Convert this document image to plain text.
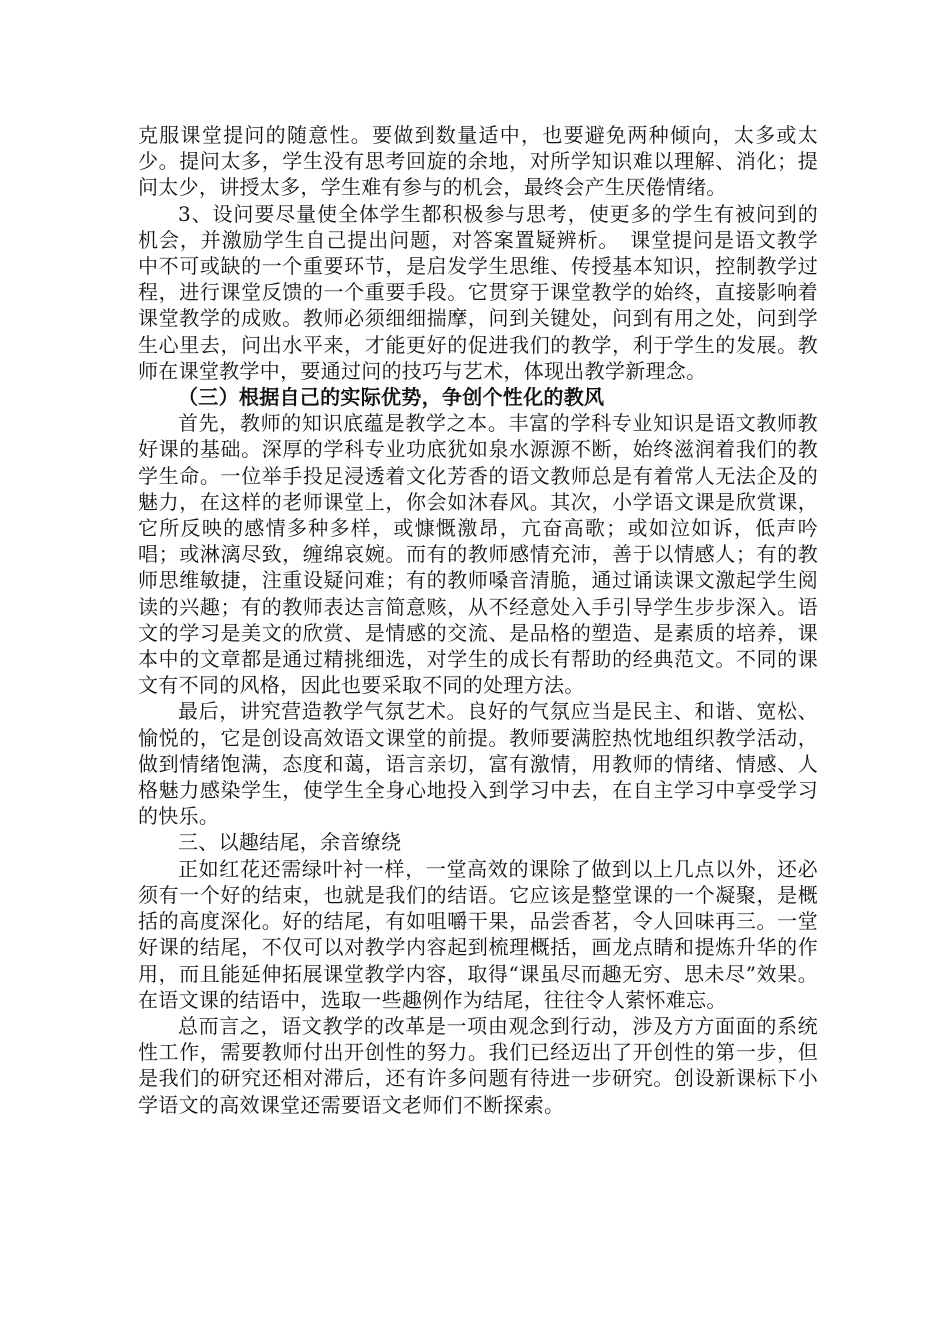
克服课堂提问的随意性。要做到数量适中，也要避免两种倾向，太多或太少。提问太多，学生没有思考回旋的余地，对所学知识难以理解、消化；提问太少，讲授太多，学生难有参与的机会，最终会产生厌倦情绪。

3、设问要尽量使全体学生都积极参与思考，使更多的学生有被问到的机会，并激励学生自己提出问题，对答案置疑辨析。　课堂提问是语文教学中不可或缺的一个重要环节，是启发学生思维、传授基本知识，控制教学过程，进行课堂反馈的一个重要手段。它贯穿于课堂教学的始终，直接影响着课堂教学的成败。教师必须细细揣摩，问到关键处，问到有用之处，问到学生心里去，问出水平来，才能更好的促进我们的教学，利于学生的发展。教师在课堂教学中，要通过问的技巧与艺术，体现出教学新理念。

（三）根据自己的实际优势，争创个性化的教风

首先，教师的知识底蕴是教学之本。丰富的学科专业知识是语文教师教好课的基础。深厚的学科专业功底犹如泉水源源不断，始终滋润着我们的教学生命。一位举手投足浸透着文化芳香的语文教师总是有着常人无法企及的魅力，在这样的老师课堂上，你会如沐春风。其次，小学语文课是欣赏课，它所反映的感情多种多样，或慷慨激昂，亢奋高歌；或如泣如诉，低声吟唱；或淋漓尽致，缠绵哀婉。而有的教师感情充沛，善于以情感人；有的教师思维敏捷，注重设疑问难；有的教师嗓音清脆，通过诵读课文激起学生阅读的兴趣；有的教师表达言简意赅，从不经意处入手引导学生步步深入。语文的学习是美文的欣赏、是情感的交流、是品格的塑造、是素质的培养，课本中的文章都是通过精挑细选，对学生的成长有帮助的经典范文。不同的课文有不同的风格，因此也要采取不同的处理方法。

最后，讲究营造教学气氛艺术。良好的气氛应当是民主、和谐、宽松、愉悦的，它是创设高效语文课堂的前提。教师要满腔热忱地组织教学活动，做到情绪饱满，态度和蔼，语言亲切，富有激情，用教师的情绪、情感、人格魅力感染学生，使学生全身心地投入到学习中去，在自主学习中享受学习的快乐。

三、以趣结尾，余音缭绕

正如红花还需绿叶衬一样，一堂高效的课除了做到以上几点以外，还必须有一个好的结束，也就是我们的结语。它应该是整堂课的一个凝聚，是概括的高度深化。好的结尾，有如咀嚼干果，品尝香茗，令人回味再三。一堂好课的结尾，不仅可以对教学内容起到梳理概括，画龙点睛和提炼升华的作用，而且能延伸拓展课堂教学内容，取得“课虽尽而趣无穷、思未尽”效果。在语文课的结语中，选取一些趣例作为结尾，往往令人萦怀难忘。

总而言之，语文教学的改革是一项由观念到行动，涉及方方面面的系统性工作，需要教师付出开创性的努力。我们已经迈出了开创性的第一步，但是我们的研究还相对滞后，还有许多问题有待进一步研究。创设新课标下小学语文的高效课堂还需要语文老师们不断探索。
